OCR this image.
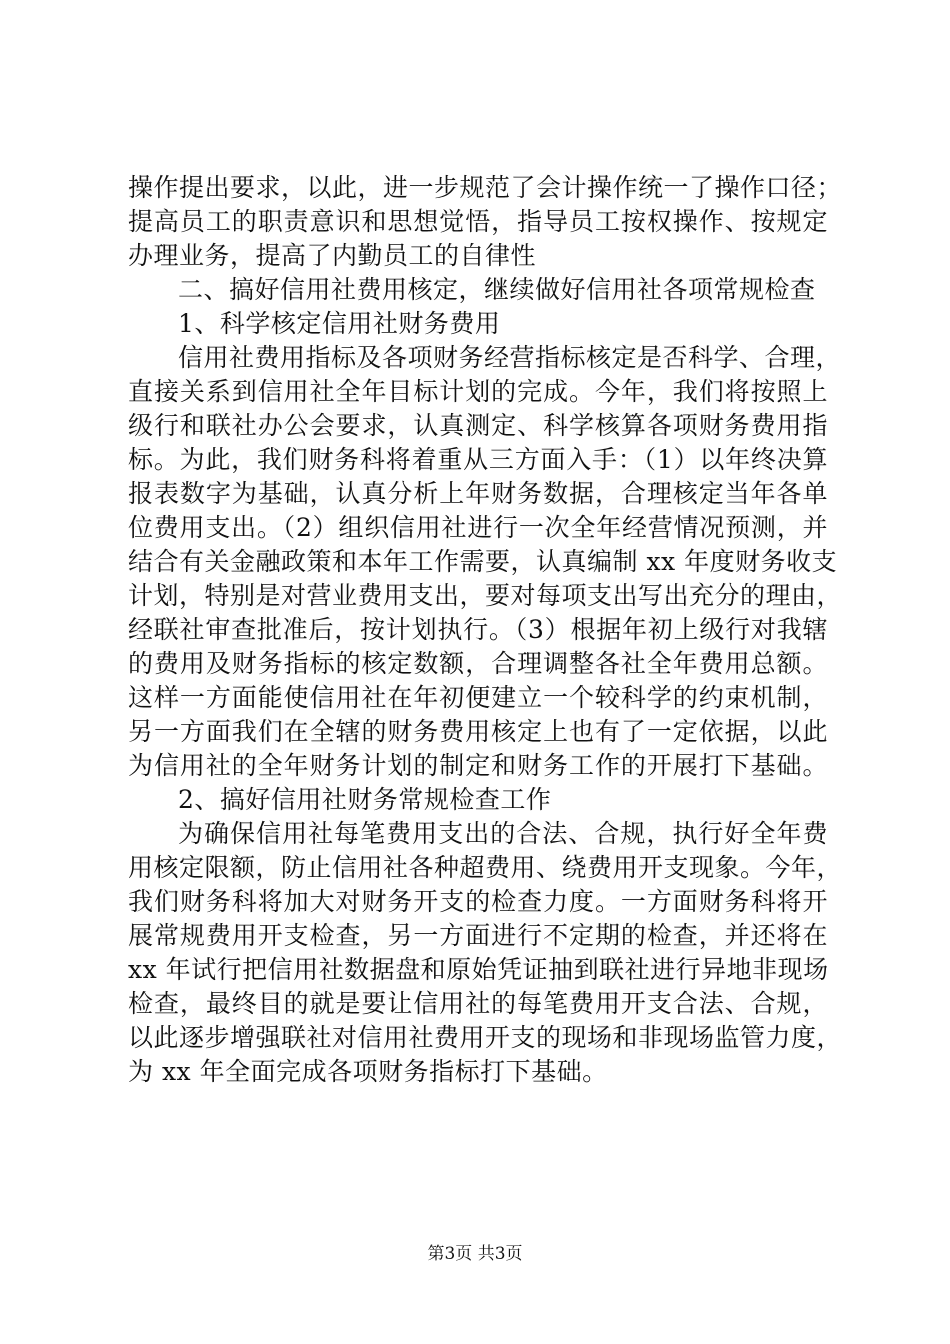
操作提出要求，以此，进一步规范了会计操作统一了操作口径；
提高员工的职责意识和思想觉悟，指导员工按权操作、按规定
办理业务，提高了内勤员工的自律性
二、搞好信用社费用核定，继续做好信用社各项常规检查
1、科学核定信用社财务费用
信用社费用指标及各项财务经营指标核定是否科学、合理，
直接关系到信用社全年目标计划的完成。今年，我们将按照上
级行和联社办公会要求，认真测定、科学核算各项财务费用指
标。为此，我们财务科将着重从三方面入手：（1）以年终决算
报表数字为基础，认真分析上年财务数据，合理核定当年各单
位费用支出。（2）组织信用社进行一次全年经营情况预测，并
结合有关金融政策和本年工作需要，认真编制 xx 年度财务收支
计划，特别是对营业费用支出，要对每项支出写出充分的理由，
经联社审查批准后，按计划执行。（3）根据年初上级行对我辖
的费用及财务指标的核定数额，合理调整各社全年费用总额。
这样一方面能使信用社在年初便建立一个较科学的约束机制，
另一方面我们在全辖的财务费用核定上也有了一定依据，以此
为信用社的全年财务计划的制定和财务工作的开展打下基础。
2、搞好信用社财务常规检查工作
为确保信用社每笔费用支出的合法、合规，执行好全年费
用核定限额，防止信用社各种超费用、绕费用开支现象。今年，
我们财务科将加大对财务开支的检查力度。一方面财务科将开
展常规费用开支检查，另一方面进行不定期的检查，并还将在
xx 年试行把信用社数据盘和原始凭证抽到联社进行异地非现场
检查，最终目的就是要让信用社的每笔费用开支合法、合规，
以此逐步增强联社对信用社费用开支的现场和非现场监管力度，
为 xx 年全面完成各项财务指标打下基础。
第3页 共3页
